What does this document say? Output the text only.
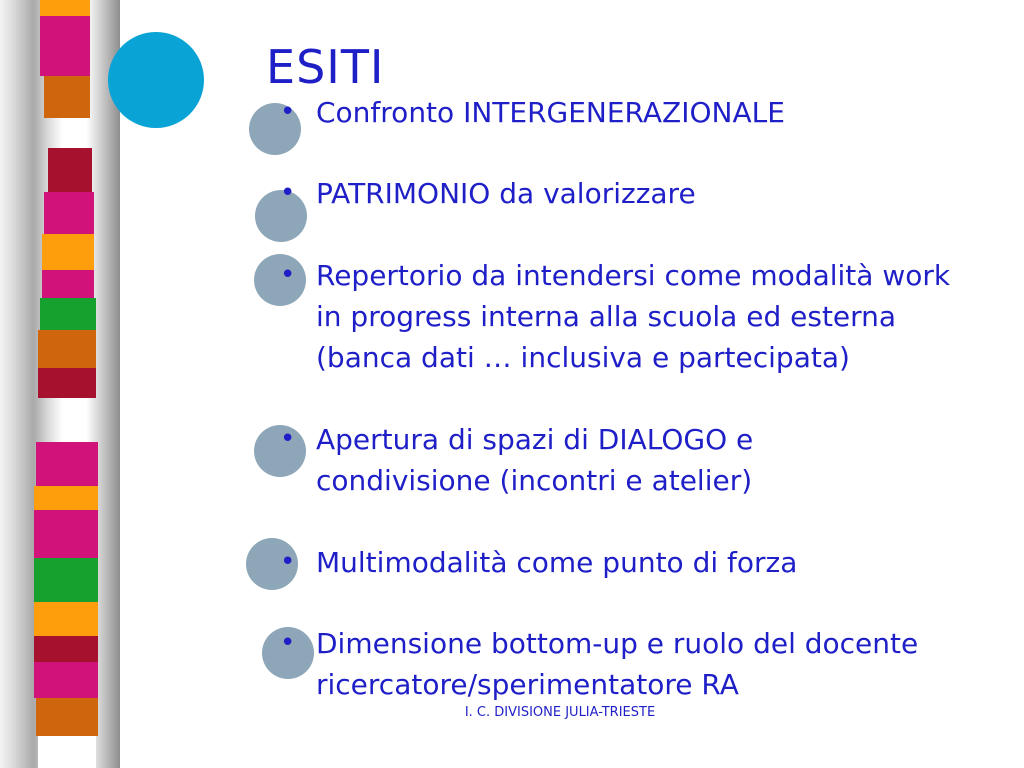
ESITI
• Confronto INTERGENERAZIONALE
• PATRIMONIO da valorizzare
• Repertorio da intendersi come modalità work in progress interna alla scuola ed esterna (banca dati … inclusiva e partecipata)
• Apertura di spazi di DIALOGO e condivisione (incontri e atelier)
• Multimodalità come punto di forza
• Dimensione bottom-up e ruolo del docente ricercatore/sperimentatore RA
I. C. DIVISIONE JULIA-TRIESTE
